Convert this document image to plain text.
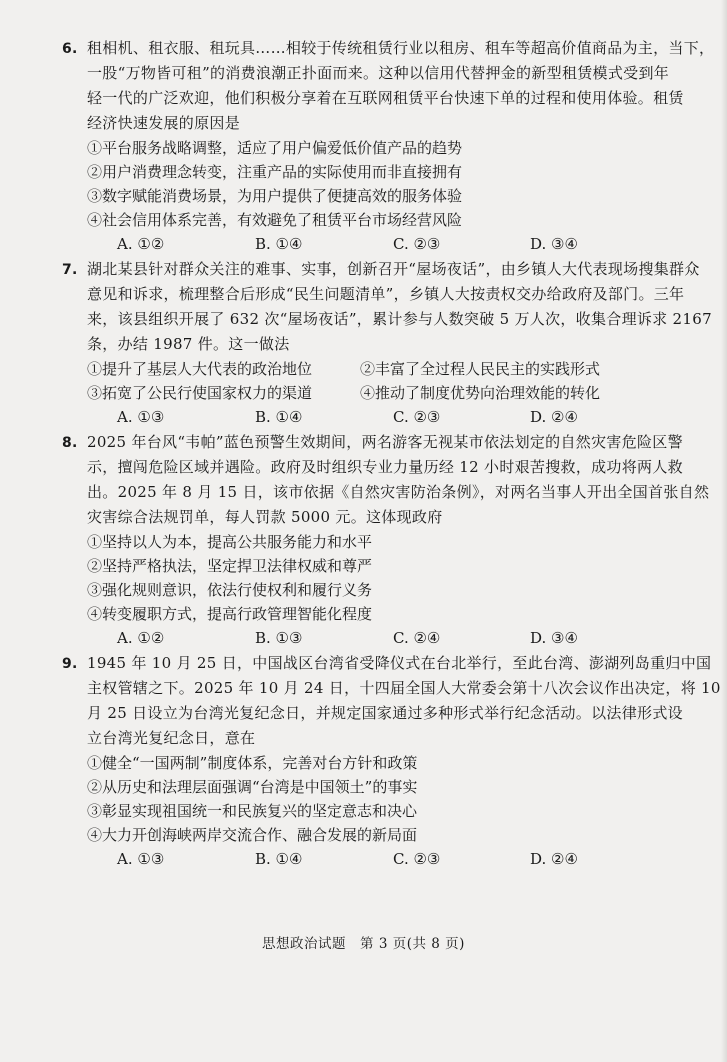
6. 租相机、租衣服、租玩具……相较于传统租赁行业以租房、租车等超高价值商品为主，当下，
一股“万物皆可租”的消费浪潮正扑面而来。这种以信用代替押金的新型租赁模式受到年
轻一代的广泛欢迎，他们积极分享着在互联网租赁平台快速下单的过程和使用体验。租赁
经济快速发展的原因是
①平台服务战略调整，适应了用户偏爱低价值产品的趋势
②用户消费理念转变，注重产品的实际使用而非直接拥有
③数字赋能消费场景，为用户提供了便捷高效的服务体验
④社会信用体系完善，有效避免了租赁平台市场经营风险
A. ①②	B. ①④	C. ②③	D. ③④
7. 湖北某县针对群众关注的难事、实事，创新召开“屋场夜话”，由乡镇人大代表现场搜集群众
意见和诉求，梳理整合后形成“民生问题清单”，乡镇人大按责权交办给政府及部门。三年
来，该县组织开展了 632 次“屋场夜话”，累计参与人数突破 5 万人次，收集合理诉求 2167
条，办结 1987 件。这一做法
①提升了基层人大代表的政治地位	②丰富了全过程人民民主的实践形式
③拓宽了公民行使国家权力的渠道	④推动了制度优势向治理效能的转化
A. ①③	B. ①④	C. ②③	D. ②④
8. 2025 年台风“韦帕”蓝色预警生效期间，两名游客无视某市依法划定的自然灾害危险区警
示，擅闯危险区域并遇险。政府及时组织专业力量历经 12 小时艰苦搜救，成功将两人救
出。2025 年 8 月 15 日，该市依据《自然灾害防治条例》，对两名当事人开出全国首张自然
灾害综合法规罚单，每人罚款 5000 元。这体现政府
①坚持以人为本，提高公共服务能力和水平
②坚持严格执法，坚定捍卫法律权威和尊严
③强化规则意识，依法行使权利和履行义务
④转变履职方式，提高行政管理智能化程度
A. ①②	B. ①③	C. ②④	D. ③④
9. 1945 年 10 月 25 日，中国战区台湾省受降仪式在台北举行，至此台湾、澎湖列岛重归中国
主权管辖之下。2025 年 10 月 24 日，十四届全国人大常委会第十八次会议作出决定，将 10
月 25 日设立为台湾光复纪念日，并规定国家通过多种形式举行纪念活动。以法律形式设
立台湾光复纪念日，意在
①健全“一国两制”制度体系，完善对台方针和政策
②从历史和法理层面强调“台湾是中国领土”的事实
③彰显实现祖国统一和民族复兴的坚定意志和决心
④大力开创海峡两岸交流合作、融合发展的新局面
A. ①③	B. ①④	C. ②③	D. ②④
思想政治试题　第 3 页(共 8 页)
